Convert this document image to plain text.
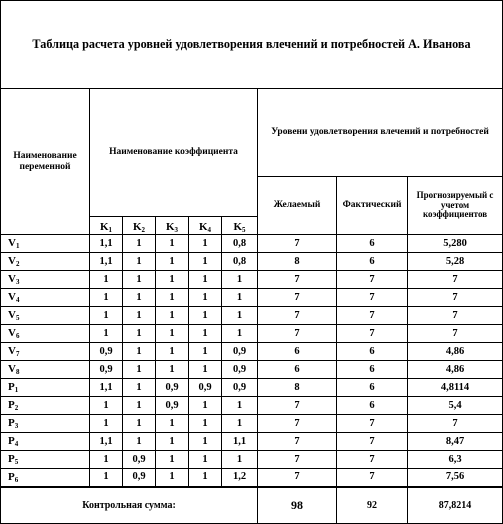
Таблица расчета уровней удовлетворения влечений и потребностей А. Иванова								
Наименование переменной	Наименование коэффициента					Уровени удовлетворения влечений и потребностей		
						Желаемый	Фактический	Прогнозируемый с учетом коэффициентов
	$K_1$	$K_2$	$K_3$	$K_4$	$K_5$
$V_1$	1,1	1	1	1	0,8	7	6	5,280
$V_2$	1,1	1	1	1	0,8	8	6	5,28
$V_3$	1	1	1	1	1	7	7	7
$V_4$	1	1	1	1	1	7	7	7
$V_5$	1	1	1	1	1	7	7	7
$V_6$	1	1	1	1	1	7	7	7
$V_7$	0,9	1	1	1	0,9	6	6	4,86
$V_8$	0,9	1	1	1	0,9	6	6	4,86
$P_1$	1,1	1	0,9	0,9	0,9	8	6	4,8114
$P_2$	1	1	0,9	1	1	7	6	5,4
$P_3$	1	1	1	1	1	7	7	7
$P_4$	1,1	1	1	1	1,1	7	7	8,47
$P_5$	1	0,9	1	1	1	7	7	6,3
$P_6$	1	0,9	1	1	1,2	7	7	7,56
Контрольная сумма:						98	92	87,8214
